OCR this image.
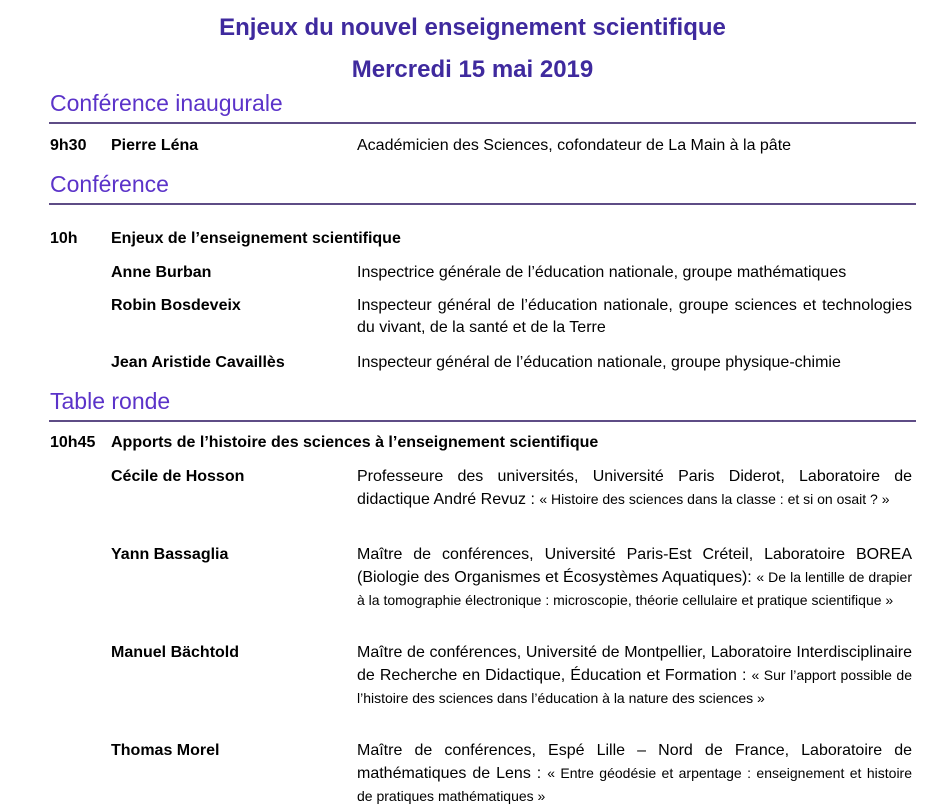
Enjeux du nouvel enseignement scientifique
Mercredi 15 mai 2019
Conférence inaugurale
9h30 Pierre Léna	Académicien des Sciences, cofondateur de La Main à la pâte
Conférence
10h Enjeux de l’enseignement scientifique
Anne Burban	Inspectrice générale de l’éducation nationale, groupe mathématiques
Robin Bosdeveix	Inspecteur général de l’éducation nationale, groupe sciences et technologies du vivant, de la santé et de la Terre
Jean Aristide Cavaillès	Inspecteur général de l’éducation nationale, groupe physique-chimie
Table ronde
10h45 Apports de l’histoire des sciences à l’enseignement scientifique
Cécile de Hosson	Professeure des universités, Université Paris Diderot, Laboratoire de didactique André Revuz : « Histoire des sciences dans la classe : et si on osait ? »
Yann Bassaglia	Maître de conférences, Université Paris-Est Créteil, Laboratoire BOREA (Biologie des Organismes et Écosystèmes Aquatiques): « De la lentille de drapier à la tomographie électronique : microscopie, théorie cellulaire et pratique scientifique »
Manuel Bächtold	Maître de conférences, Université de Montpellier, Laboratoire Interdisciplinaire de Recherche en Didactique, Éducation et Formation : « Sur l’apport possible de l’histoire des sciences dans l’éducation à la nature des sciences »
Thomas Morel	Maître de conférences, Espé Lille – Nord de France, Laboratoire de mathématiques de Lens : « Entre géodésie et arpentage : enseignement et histoire de pratiques mathématiques »
